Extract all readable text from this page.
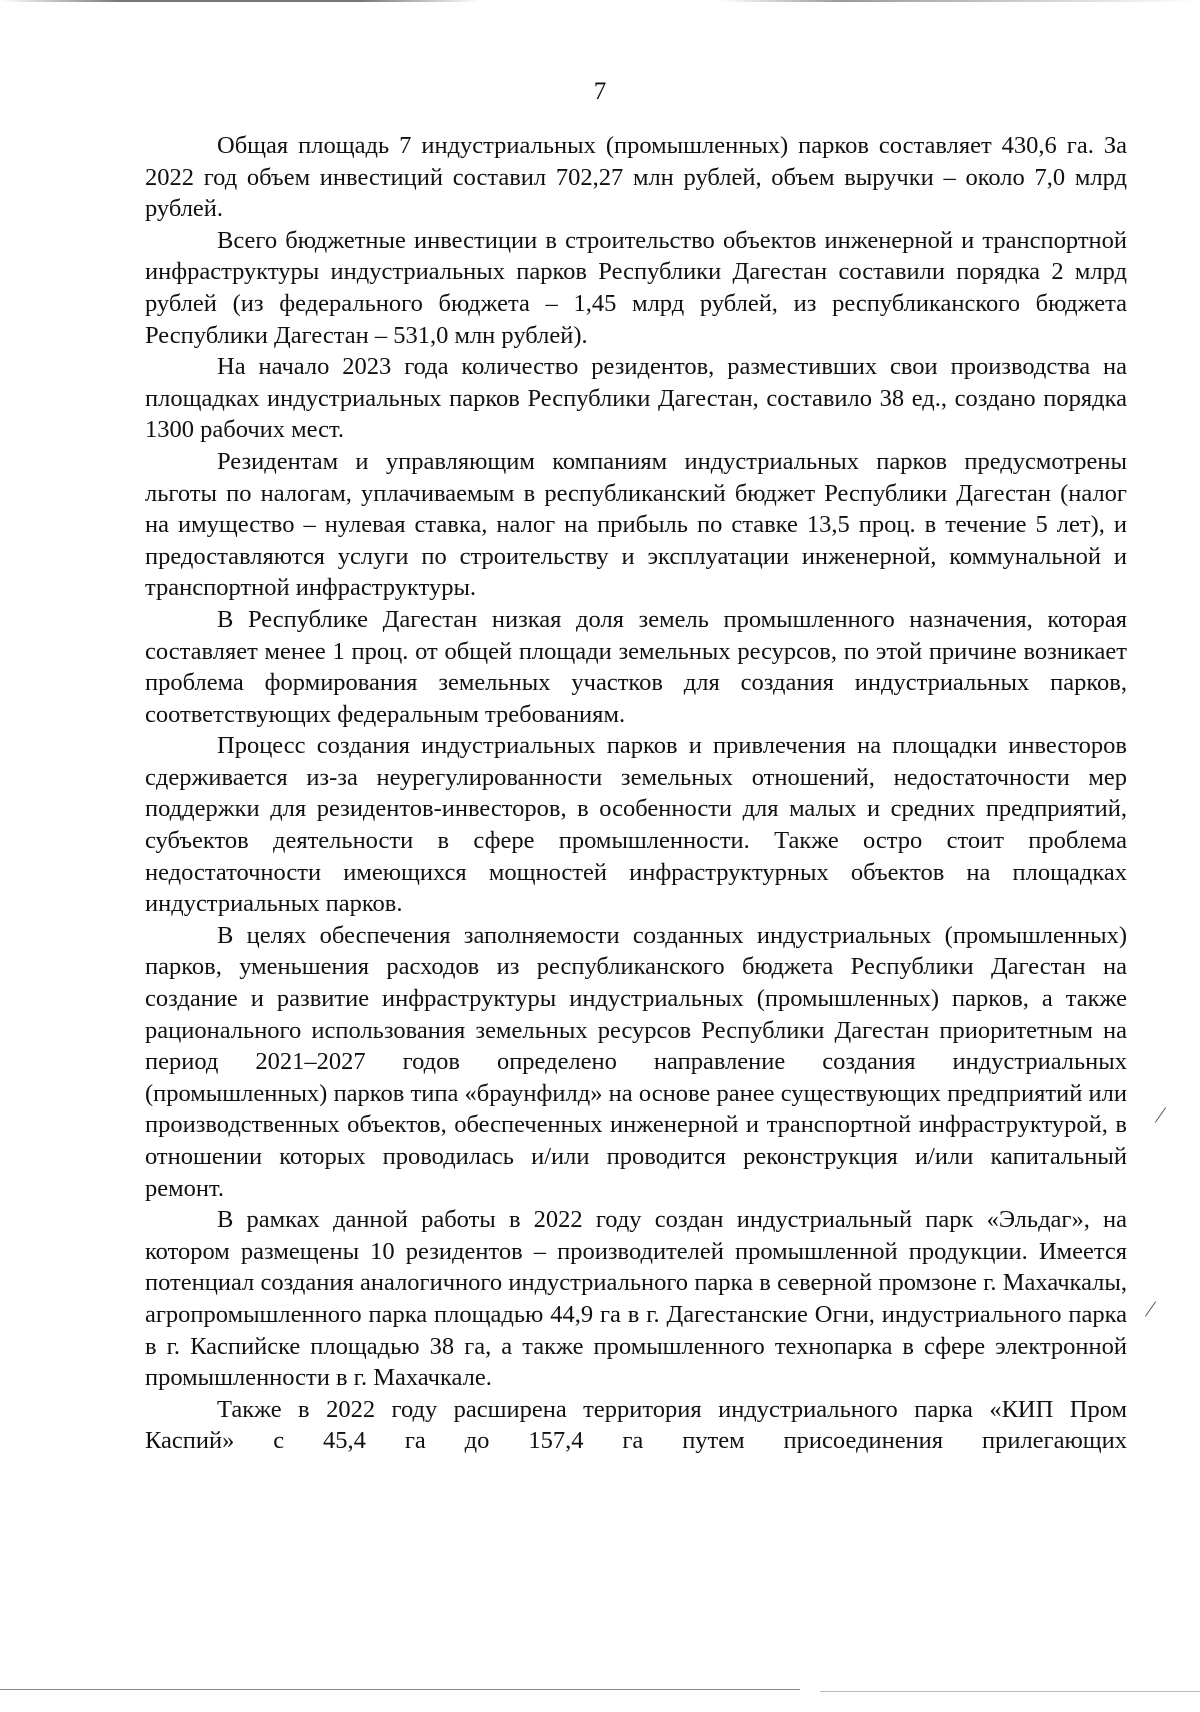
7

Общая площадь 7 индустриальных (промышленных) парков составляет 430,6 га. За 2022 год объем инвестиций составил 702,27 млн рублей, объем выручки – около 7,0 млрд рублей.

Всего бюджетные инвестиции в строительство объектов инженерной и транспортной инфраструктуры индустриальных парков Республики Дагестан составили порядка 2 млрд рублей (из федерального бюджета – 1,45 млрд рублей, из республиканского бюджета Республики Дагестан – 531,0 млн рублей).

На начало 2023 года количество резидентов, разместивших свои производства на площадках индустриальных парков Республики Дагестан, составило 38 ед., создано порядка 1300 рабочих мест.

Резидентам и управляющим компаниям индустриальных парков предусмотрены льготы по налогам, уплачиваемым в республиканский бюджет Республики Дагестан (налог на имущество – нулевая ставка, налог на прибыль по ставке 13,5 проц. в течение 5 лет), и предоставляются услуги по строительству и эксплуатации инженерной, коммунальной и транспортной инфраструктуры.

В Республике Дагестан низкая доля земель промышленного назначения, которая составляет менее 1 проц. от общей площади земельных ресурсов, по этой причине возникает проблема формирования земельных участков для создания индустриальных парков, соответствующих федеральным требованиям.

Процесс создания индустриальных парков и привлечения на площадки инвесторов сдерживается из-за неурегулированности земельных отношений, недостаточности мер поддержки для резидентов-инвесторов, в особенности для малых и средних предприятий, субъектов деятельности в сфере промышленности. Также остро стоит проблема недостаточности имеющихся мощностей инфраструктурных объектов на площадках индустриальных парков.

В целях обеспечения заполняемости созданных индустриальных (промышленных) парков, уменьшения расходов из республиканского бюджета Республики Дагестан на создание и развитие инфраструктуры индустриальных (промышленных) парков, а также рационального использования земельных ресурсов Республики Дагестан приоритетным на период 2021–2027 годов определено направление создания индустриальных (промышленных) парков типа «браунфилд» на основе ранее существующих предприятий или производственных объектов, обеспеченных инженерной и транспортной инфраструктурой, в отношении которых проводилась и/или проводится реконструкция и/или капитальный ремонт.

В рамках данной работы в 2022 году создан индустриальный парк «Эльдаг», на котором размещены 10 резидентов – производителей промышленной продукции. Имеется потенциал создания аналогичного индустриального парка в северной промзоне г. Махачкалы, агропромышленного парка площадью 44,9 га в г. Дагестанские Огни, индустриального парка в г. Каспийске площадью 38 га, а также промышленного технопарка в сфере электронной промышленности в г. Махачкале.

Также в 2022 году расширена территория индустриального парка «КИП Пром Каспий» с 45,4 га до 157,4 га путем присоединения прилегающих
